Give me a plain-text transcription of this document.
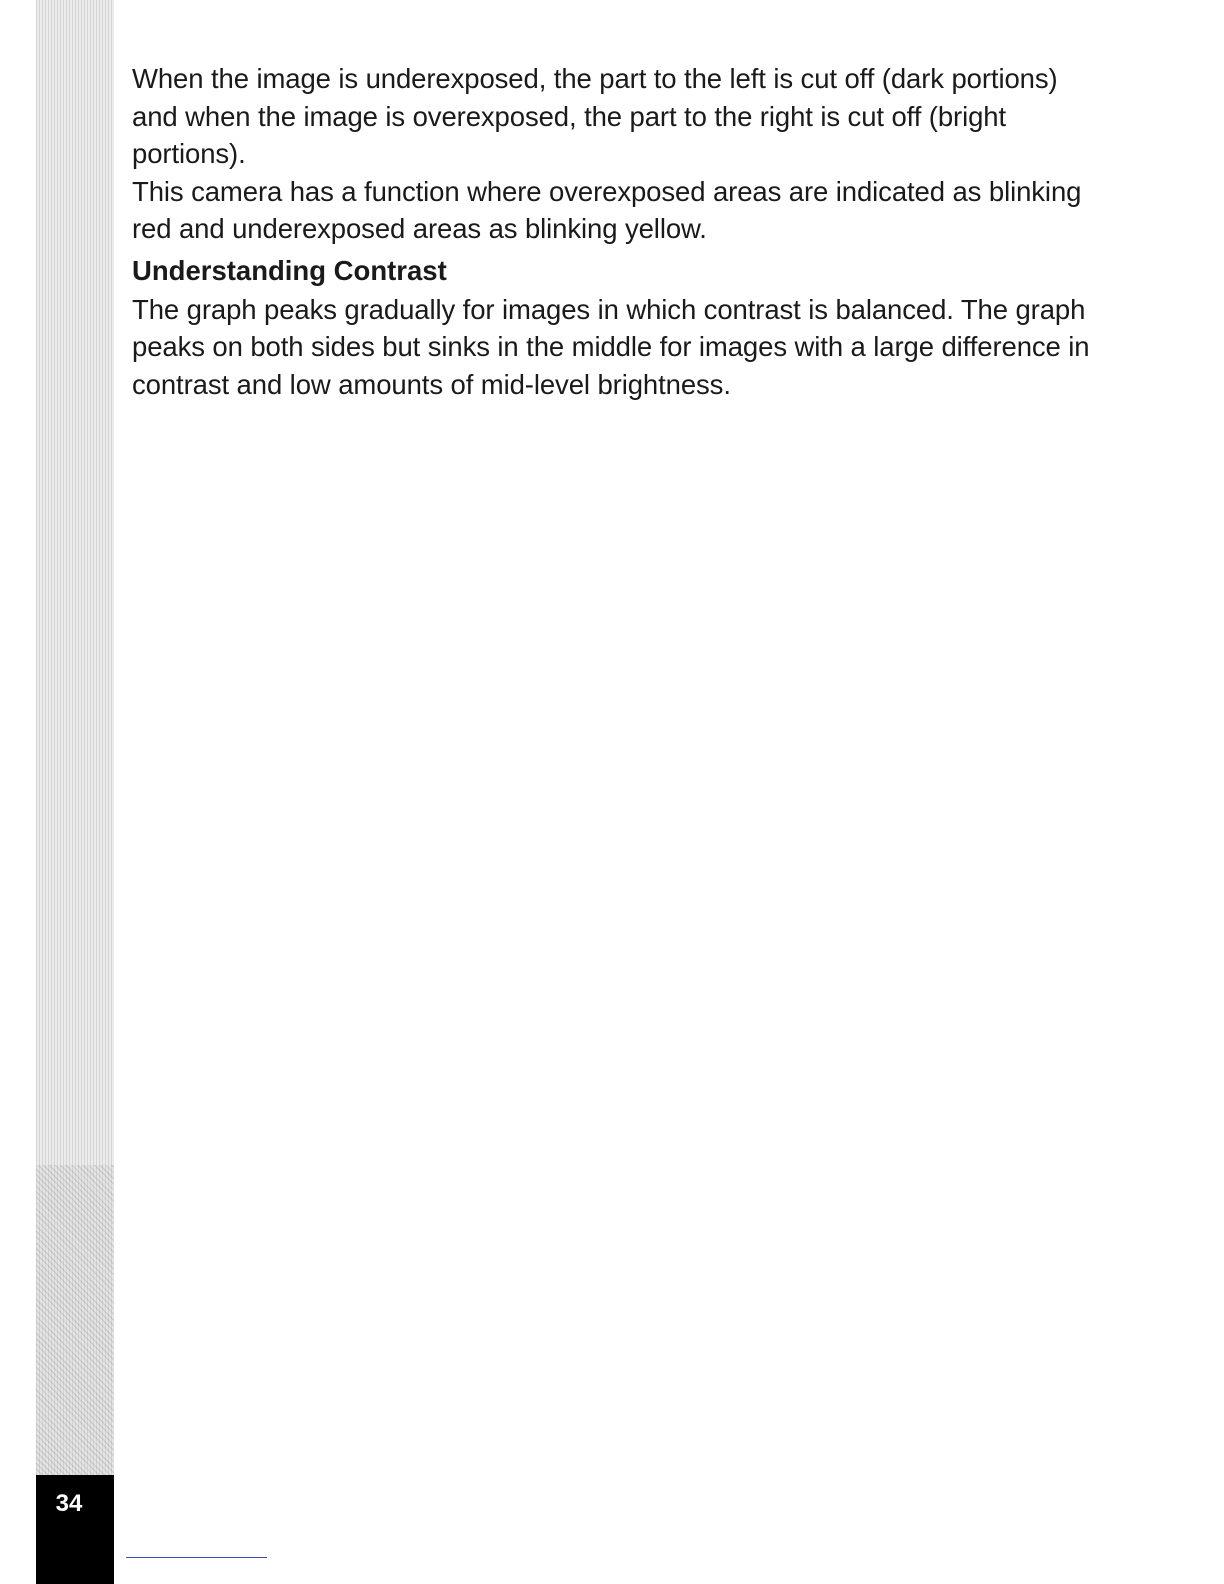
34

When the image is underexposed, the part to the left is cut off (dark portions) and when the image is overexposed, the part to the right is cut off (bright portions).

This camera has a function where overexposed areas are indicated as blinking red and underexposed areas as blinking yellow.

Understanding Contrast

The graph peaks gradually for images in which contrast is balanced. The graph peaks on both sides but sinks in the middle for images with a large difference in contrast and low amounts of mid-level brightness.
